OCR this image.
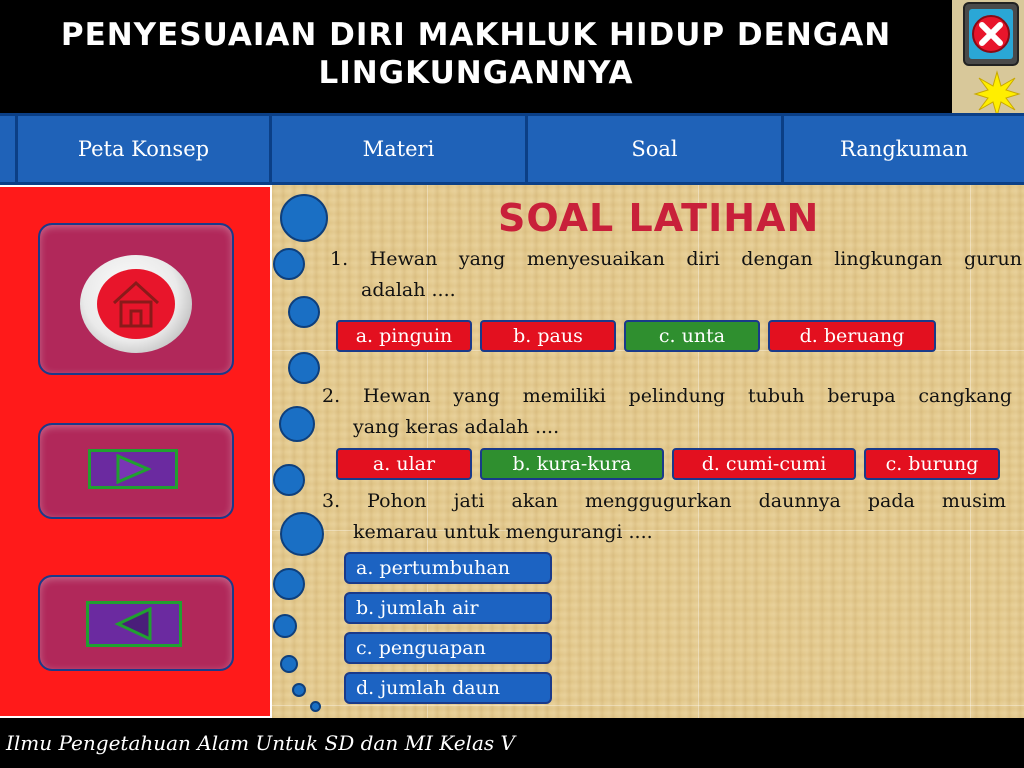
PENYESUAIAN DIRI MAKHLUK HIDUP DENGAN
LINGKUNGANNYA
Peta Konsep	Materi	Soal	Rangkuman
SOAL LATIHAN
1. Hewan yang menyesuaikan diri dengan lingkungan gurun
adalah ....
a. pinguin	b. paus	c. unta	d. beruang
2. Hewan yang memiliki pelindung tubuh berupa cangkang
yang keras adalah ....
a. ular	b. kura-kura	d. cumi-cumi	c. burung
3. Pohon jati akan menggugurkan daunnya pada musim
kemarau untuk mengurangi ....
a. pertumbuhan
b. jumlah air
c. penguapan
d. jumlah daun
Ilmu Pengetahuan Alam Untuk SD dan MI Kelas V
